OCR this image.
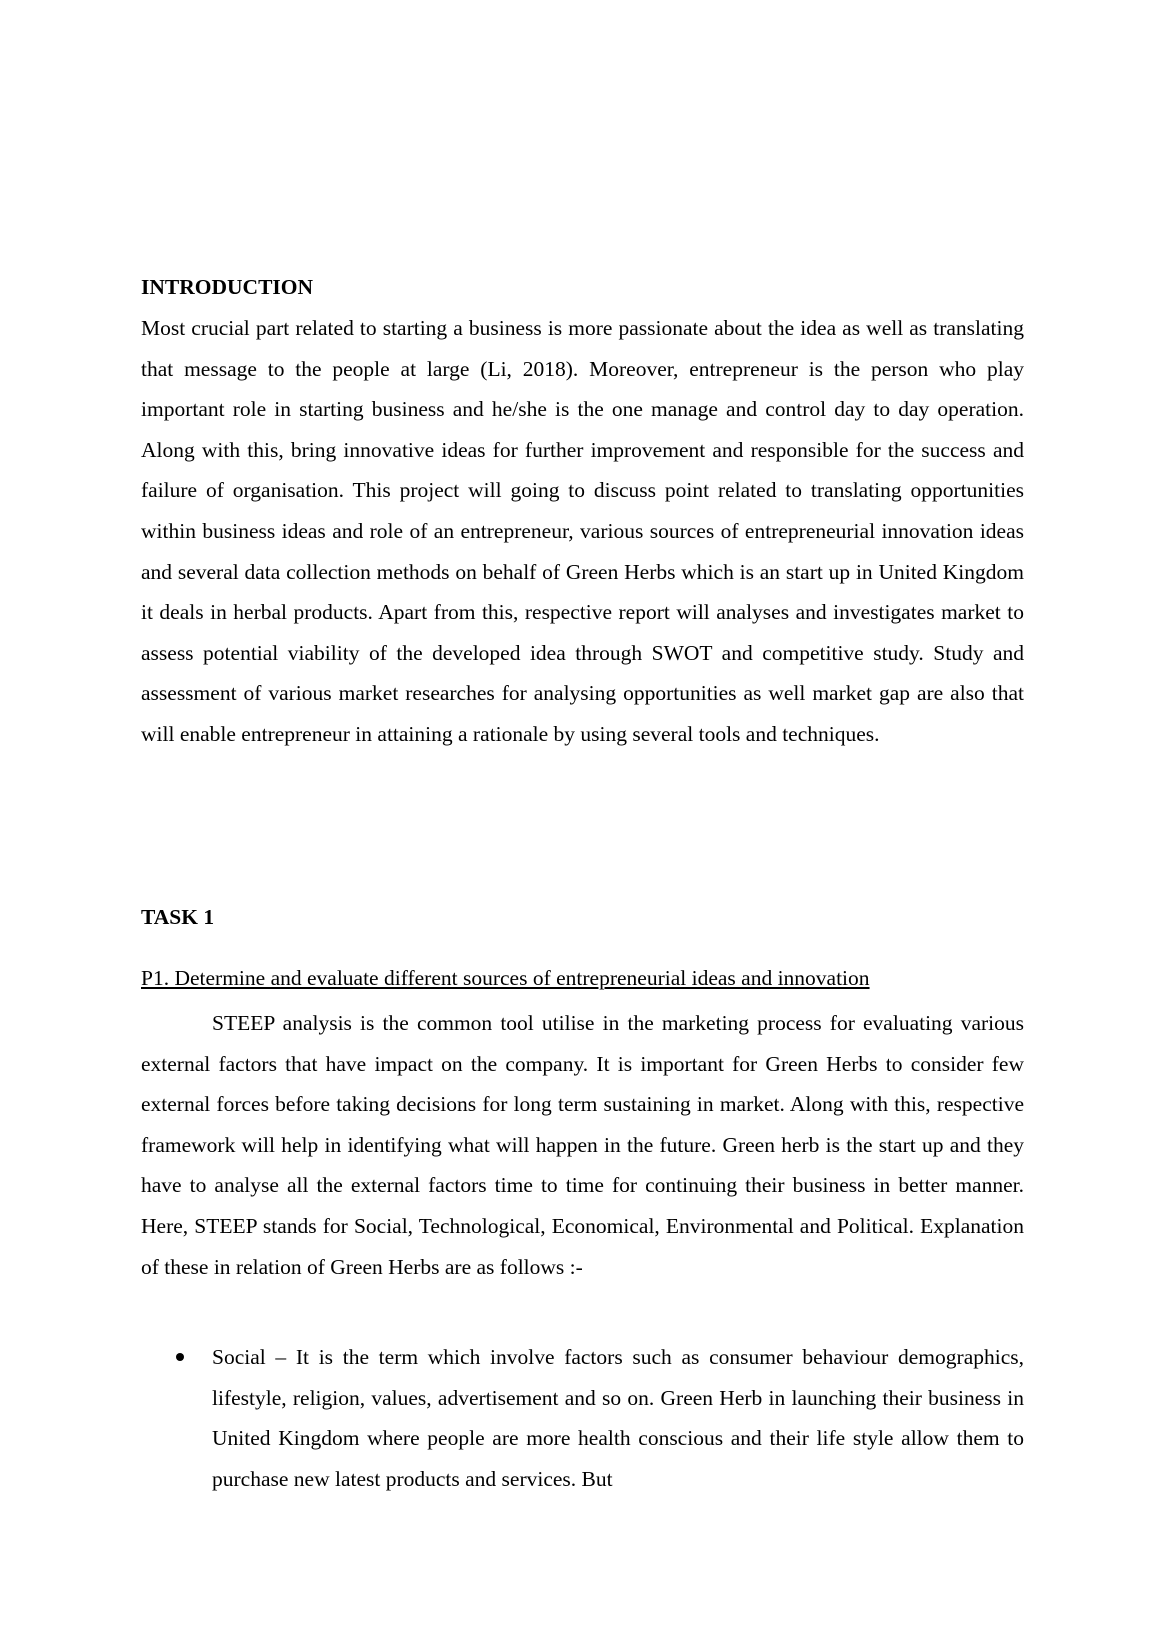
INTRODUCTION
Most crucial part related to starting a business is more passionate about the idea as well as translating that message to the people at large (Li, 2018). Moreover, entrepreneur is the person who play important role in starting business and he/she is the one manage and control day to day operation. Along with this, bring innovative ideas for further improvement and responsible for the success and failure of organisation. This project will going to discuss point related to translating opportunities within business ideas and role of an entrepreneur, various sources of entrepreneurial innovation ideas and several data collection methods on behalf of Green Herbs which is an start up in United Kingdom it deals in herbal products. Apart from this, respective report will analyses and investigates market to assess potential viability of the developed idea through SWOT and competitive study. Study and assessment of various market researches for analysing opportunities as well market gap are also that will enable entrepreneur in attaining a rationale by using several tools and techniques.
TASK 1
P1. Determine and evaluate different sources of entrepreneurial ideas and innovation
STEEP analysis is the common tool utilise in the marketing process for evaluating various external factors that have impact on the company. It is important for Green Herbs to consider few external forces before taking decisions for long term sustaining in market. Along with this, respective framework will help in identifying what will happen in the future. Green herb is the start up and they have to analyse all the external factors time to time for continuing their business in better manner. Here, STEEP stands for Social, Technological, Economical, Environmental and Political. Explanation of these in relation of Green Herbs are as follows :-
Social – It is the term which involve factors such as consumer behaviour demographics, lifestyle, religion, values, advertisement and so on. Green Herb in launching their business in United Kingdom where people are more health conscious and their life style allow them to purchase new latest products and services. But
